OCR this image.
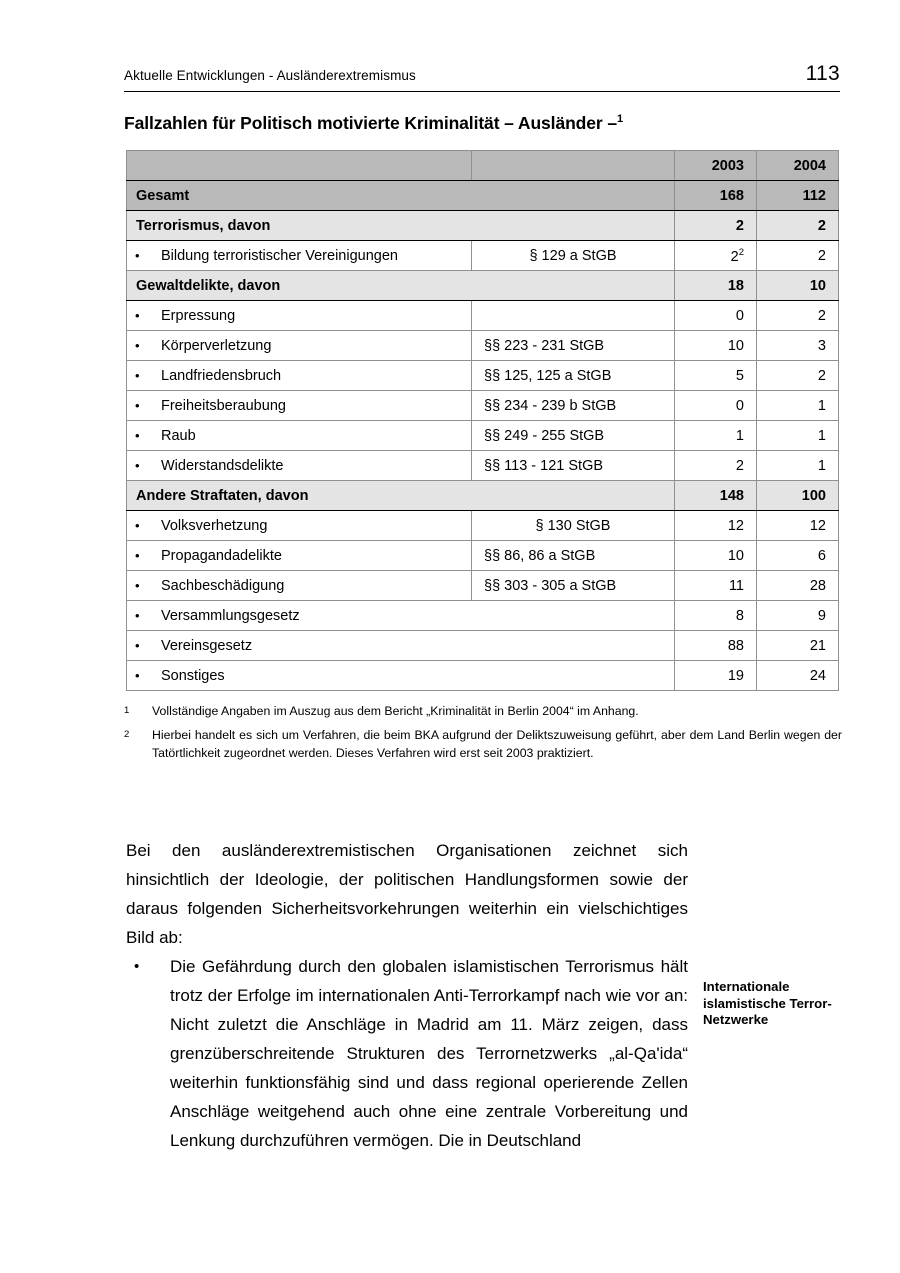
Aktuelle Entwicklungen - Ausländerextremismus	113
Fallzahlen für Politisch motivierte Kriminalität – Ausländer –$^1$
		2003	2004
Gesamt		168	112
Terrorismus, davon		2	2
•Bildung terroristischer Vereinigungen	§ 129 a StGB	$2^2$	2
Gewaltdelikte, davon		18	10
•Erpressung		0	2
•Körperverletzung	§§ 223 - 231 StGB	10	3
•Landfriedensbruch	§§ 125, 125 a StGB	5	2
•Freiheitsberaubung	§§ 234 - 239 b StGB	0	1
•Raub	§§ 249 - 255 StGB	1	1
•Widerstandsdelikte	§§ 113 - 121 StGB	2	1
Andere Straftaten, davon		148	100
•Volksverhetzung	§ 130 StGB	12	12
•Propagandadelikte	§§ 86, 86 a StGB	10	6
•Sachbeschädigung	§§ 303 - 305 a StGB	11	28
•Versammlungsgesetz		8	9
•Vereinsgesetz		88	21
•Sonstiges		19	24
1	Vollständige Angaben im Auszug aus dem Bericht „Kriminalität in Berlin 2004“ im Anhang.
2	Hierbei handelt es sich um Verfahren, die beim BKA aufgrund der Deliktszuweisung geführt, aber dem Land Berlin wegen der Tatörtlichkeit zugeordnet werden. Dieses Verfahren wird erst seit 2003 praktiziert.

Bei den ausländerextremistischen Organisationen zeichnet sich hinsichtlich der Ideologie, der politischen Handlungsformen sowie der daraus folgenden Sicherheitsvorkehrungen weiterhin ein vielschichtiges Bild ab:

• Die Gefährdung durch den globalen islamistischen Terrorismus hält trotz der Erfolge im internationalen Anti-Terrorkampf nach wie vor an: Nicht zuletzt die Anschläge in Madrid am 11. März zeigen, dass grenzüberschreitende Strukturen des Terrornetzwerks „al-Qa'ida“ weiterhin funktionsfähig sind und dass regional operierende Zellen Anschläge weitgehend auch ohne eine zentrale Vorbereitung und Lenkung durchzuführen vermögen. Die in Deutschland
Internationale islamistische Terror-Netzwerke
